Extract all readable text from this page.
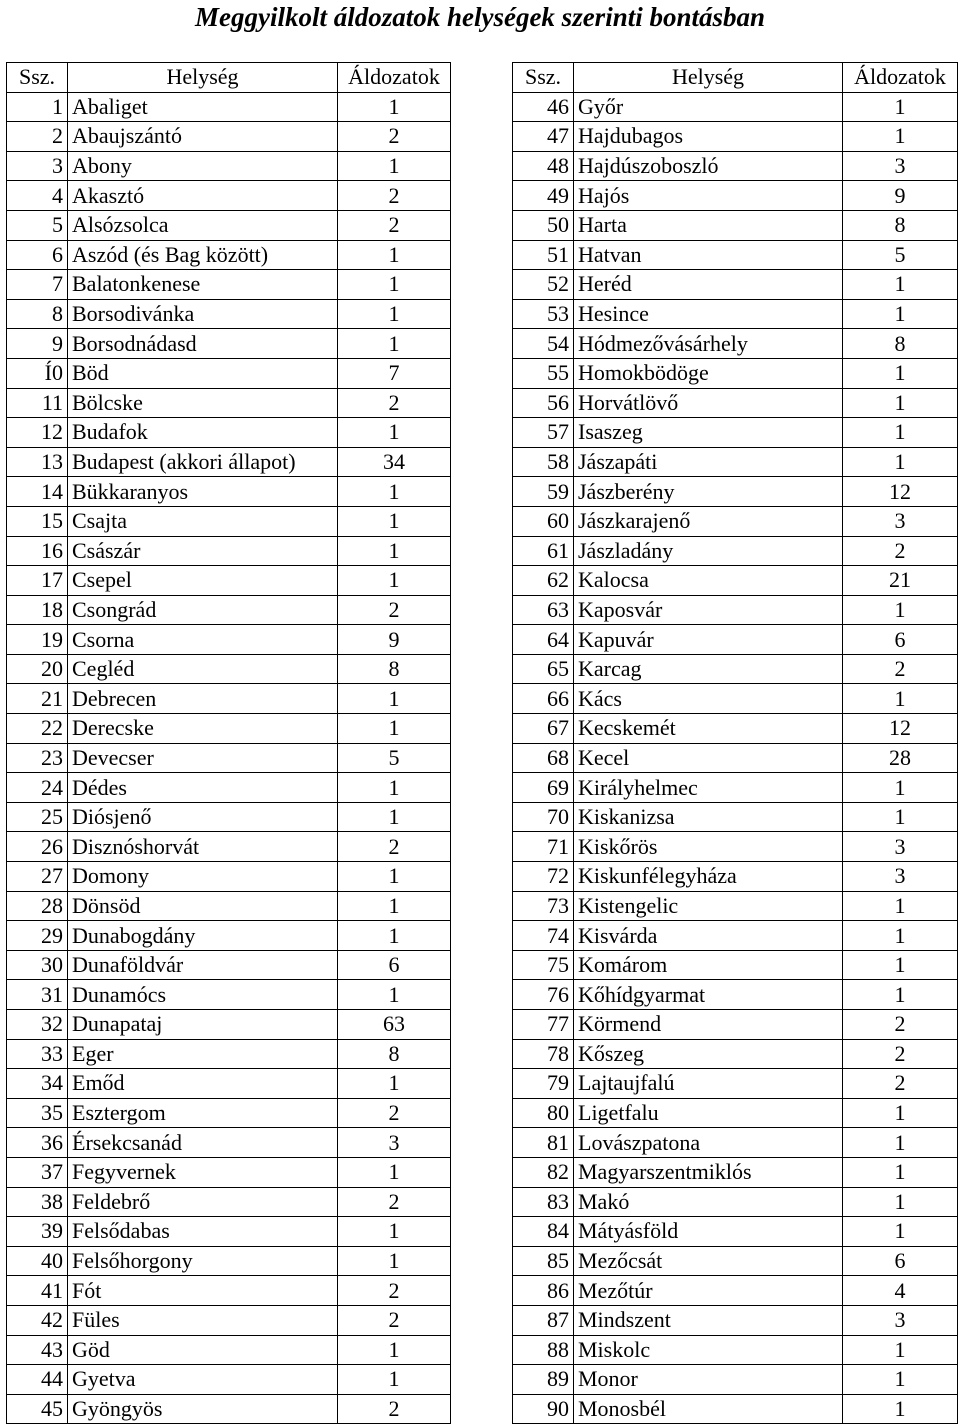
Meggyilkolt áldozatok helységek szerinti bontásban
Ssz.	Helység	Áldozatok
1	Abaliget	1
2	Abaujszántó	2
3	Abony	1
4	Akasztó	2
5	Alsózsolca	2
6	Aszód (és Bag között)	1
7	Balatonkenese	1
8	Borsodivánka	1
9	Borsodnádasd	1
Í0	Böd	7
11	Bölcske	2
12	Budafok	1
13	Budapest (akkori állapot)	34
14	Bükkaranyos	1
15	Csajta	1
16	Császár	1
17	Csepel	1
18	Csongrád	2
19	Csorna	9
20	Cegléd	8
21	Debrecen	1
22	Derecske	1
23	Devecser	5
24	Dédes	1
25	Diósjenő	1
26	Disznóshorvát	2
27	Domony	1
28	Dönsöd	1
29	Dunabogdány	1
30	Dunaföldvár	6
31	Dunamócs	1
32	Dunapataj	63
33	Eger	8
34	Emőd	1
35	Esztergom	2
36	Érsekcsanád	3
37	Fegyvernek	1
38	Feldebrő	2
39	Felsődabas	1
40	Felsőhorgony	1
41	Fót	2
42	Füles	2
43	Göd	1
44	Gyetva	1
45	Gyöngyös	2
Ssz.	Helység	Áldozatok
46	Győr	1
47	Hajdubagos	1
48	Hajdúszoboszló	3
49	Hajós	9
50	Harta	8
51	Hatvan	5
52	Heréd	1
53	Hesince	1
54	Hódmezővásárhely	8
55	Homokbödöge	1
56	Horvátlövő	1
57	Isaszeg	1
58	Jászapáti	1
59	Jászberény	12
60	Jászkarajenő	3
61	Jászladány	2
62	Kalocsa	21
63	Kaposvár	1
64	Kapuvár	6
65	Karcag	2
66	Kács	1
67	Kecskemét	12
68	Kecel	28
69	Királyhelmec	1
70	Kiskanizsa	1
71	Kiskőrös	3
72	Kiskunfélegyháza	3
73	Kistengelic	1
74	Kisvárda	1
75	Komárom	1
76	Kőhídgyarmat	1
77	Körmend	2
78	Kőszeg	2
79	Lajtaujfalú	2
80	Ligetfalu	1
81	Lovászpatona	1
82	Magyarszentmiklós	1
83	Makó	1
84	Mátyásföld	1
85	Mezőcsát	6
86	Mezőtúr	4
87	Mindszent	3
88	Miskolc	1
89	Monor	1
90	Monosbél	1
